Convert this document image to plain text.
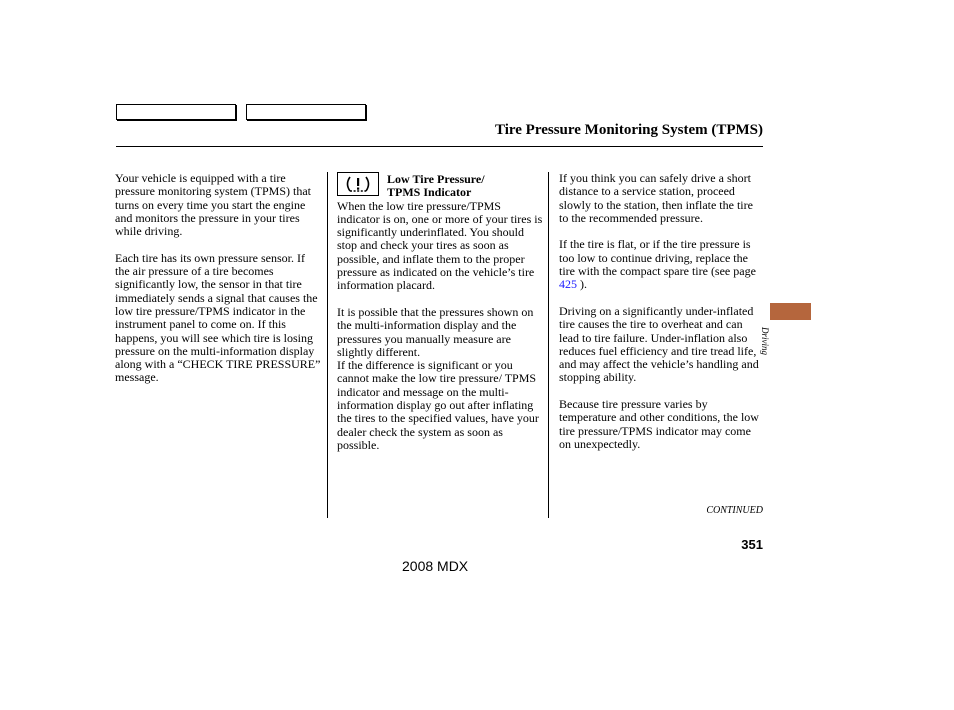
Tire Pressure Monitoring System (TPMS)

Your vehicle is equipped with a tire pressure monitoring system (TPMS) that turns on every time you start the engine and monitors the pressure in your tires while driving.

Each tire has its own pressure sensor. If the air pressure of a tire becomes significantly low, the sensor in that tire immediately sends a signal that causes the low tire pressure/TPMS indicator in the instrument panel to come on. If this happens, you will see which tire is losing pressure on the multi-information display along with a “CHECK TIRE PRESSURE” message.

Low Tire Pressure/
TPMS Indicator

When the low tire pressure/TPMS indicator is on, one or more of your tires is significantly underinflated. You should stop and check your tires as soon as possible, and inflate them to the proper pressure as indicated on the vehicle’s tire information placard.

It is possible that the pressures shown on the multi-information display and the pressures you manually measure are slightly different.

If the difference is significant or you cannot make the low tire pressure/ TPMS indicator and message on the multi-information display go out after inflating the tires to the specified values, have your dealer check the system as soon as possible.

If you think you can safely drive a short distance to a service station, proceed slowly to the station, then inflate the tire to the recommended pressure.

If the tire is flat, or if the tire pressure is too low to continue driving, replace the tire with the compact spare tire (see page 425 ).

Driving on a significantly under-inflated tire causes the tire to overheat and can lead to tire failure. Under-inflation also reduces fuel efficiency and tire tread life, and may affect the vehicle’s handling and stopping ability.

Because tire pressure varies by temperature and other conditions, the low tire pressure/TPMS indicator may come on unexpectedly.

CONTINUED
351
2008 MDX
Driving
